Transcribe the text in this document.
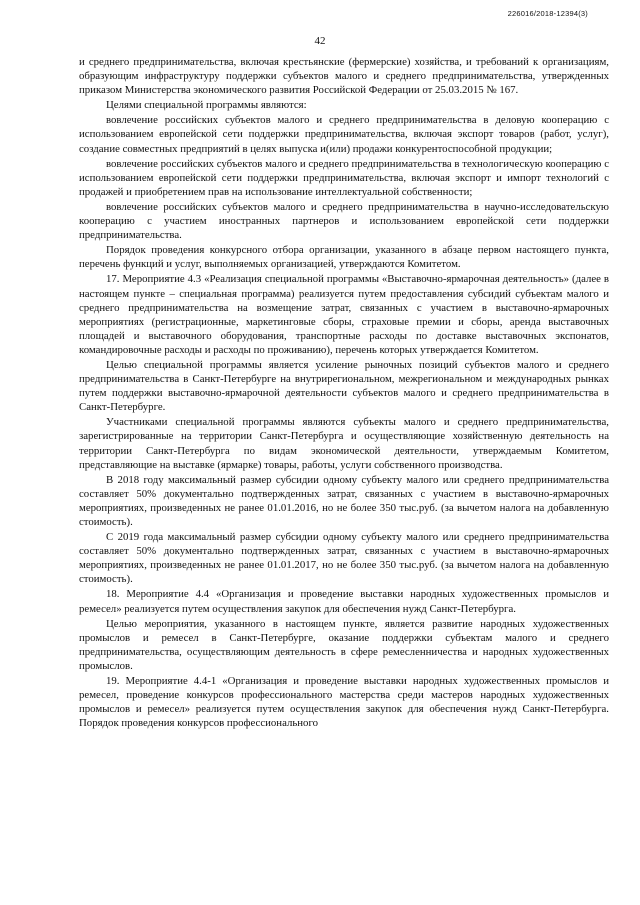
226016/2018-12394(3)
42

и среднего предпринимательства, включая крестьянские (фермерские) хозяйства, и требований к организациям, образующим инфраструктуру поддержки субъектов малого и среднего предпринимательства, утвержденных приказом Министерства экономического развития Российской Федерации от 25.03.2015 № 167.

Целями специальной программы являются:

вовлечение российских субъектов малого и среднего предпринимательства в деловую кооперацию с использованием европейской сети поддержки предпринимательства, включая экспорт товаров (работ, услуг), создание совместных предприятий в целях выпуска и(или) продажи конкурентоспособной продукции;

вовлечение российских субъектов малого и среднего предпринимательства в технологическую кооперацию с использованием европейской сети поддержки предпринимательства, включая экспорт и импорт технологий с продажей и приобретением прав на использование интеллектуальной собственности;

вовлечение российских субъектов малого и среднего предпринимательства в научно-исследовательскую кооперацию с участием иностранных партнеров и использованием европейской сети поддержки предпринимательства.

Порядок проведения конкурсного отбора организации, указанного в абзаце первом настоящего пункта, перечень функций и услуг, выполняемых организацией, утверждаются Комитетом.

17. Мероприятие 4.3 «Реализация специальной программы «Выставочно-ярмарочная деятельность» (далее в настоящем пункте – специальная программа) реализуется путем предоставления субсидий субъектам малого и среднего предпринимательства на возмещение затрат, связанных с участием в выставочно-ярмарочных мероприятиях (регистрационные, маркетинговые сборы, страховые премии и сборы, аренда выставочных площадей и выставочного оборудования, транспортные расходы по доставке выставочных экспонатов, командировочные расходы и расходы по проживанию), перечень которых утверждается Комитетом.

Целью специальной программы является усиление рыночных позиций субъектов малого и среднего предпринимательства в Санкт-Петербурге на внутрирегиональном, межрегиональном и международных рынках путем поддержки выставочно-ярмарочной деятельности субъектов малого и среднего предпринимательства в Санкт-Петербурге.

Участниками специальной программы являются субъекты малого и среднего предпринимательства, зарегистрированные на территории Санкт-Петербурга и осуществляющие хозяйственную деятельность на территории Санкт-Петербурга по видам экономической деятельности, утверждаемым Комитетом, представляющие на выставке (ярмарке) товары, работы, услуги собственного производства.

В 2018 году максимальный размер субсидии одному субъекту малого или среднего предпринимательства составляет 50% документально подтвержденных затрат, связанных с участием в выставочно-ярмарочных мероприятиях, произведенных не ранее 01.01.2016, но не более 350 тыс.руб. (за вычетом налога на добавленную стоимость).

С 2019 года максимальный размер субсидии одному субъекту малого или среднего предпринимательства составляет 50% документально подтвержденных затрат, связанных с участием в выставочно-ярмарочных мероприятиях, произведенных не ранее 01.01.2017, но не более 350 тыс.руб. (за вычетом налога на добавленную стоимость).

18. Мероприятие 4.4 «Организация и проведение выставки народных художественных промыслов и ремесел» реализуется путем осуществления закупок для обеспечения нужд Санкт-Петербурга.

Целью мероприятия, указанного в настоящем пункте, является развитие народных художественных промыслов и ремесел в Санкт-Петербурге, оказание поддержки субъектам малого и среднего предпринимательства, осуществляющим деятельность в сфере ремесленничества и народных художественных промыслов.

19. Мероприятие 4.4-1 «Организация и проведение выставки народных художественных промыслов и ремесел, проведение конкурсов профессионального мастерства среди мастеров народных художественных промыслов и ремесел» реализуется путем осуществления закупок для обеспечения нужд Санкт-Петербурга. Порядок проведения конкурсов профессионального
